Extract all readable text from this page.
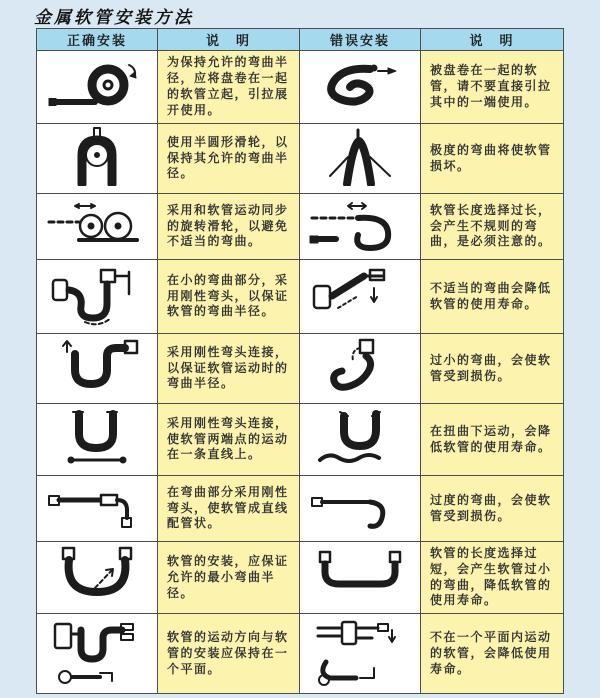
金属软管安装方法
正确安装	说　明	错误安装	说　明
	为保持允许的弯曲半径，应将盘卷在一起的软管立起，引拉展开使用。		被盘卷在一起的软管，请不要直接引拉其中的一端使用。
	使用半圆形滑轮，以保持其允许的弯曲半径。		极度的弯曲将使软管损坏。
	采用和软管运动同步的旋转滑轮，以避免不适当的弯曲。		软管长度选择过长，会产生不规则的弯曲，是必须注意的。
	在小的弯曲部分，采用刚性弯头，以保证软管的弯曲半径。		不适当的弯曲会降低软管的使用寿命。
	采用刚性弯头连接，以保证软管运动时的弯曲半径。		过小的弯曲，会使软管受到损伤。
	采用刚性弯头连接，使软管两端点的运动在一条直线上。		在扭曲下运动，会降低软管的使用寿命。
	在弯曲部分采用刚性弯头，使软管成直线配管状。		过度的弯曲，会使软管受到损伤。
	软管的安装，应保证允许的最小弯曲半径。		软管的长度选择过短，会产生软管过小的弯曲，降低软管的使用寿命。
	软管的运动方向与软管的安装应保持在一个平面。		不在一个平面内运动的软管，会降低使用寿命。
